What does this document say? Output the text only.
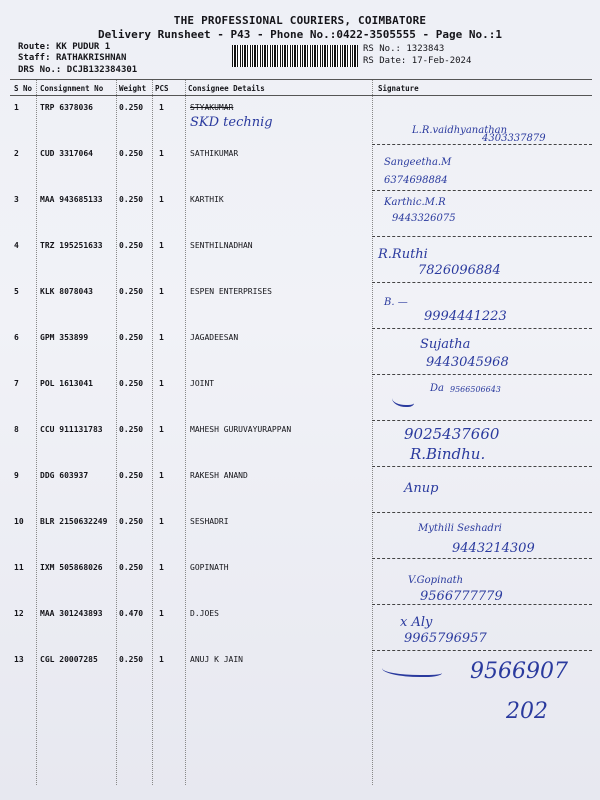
THE PROFESSIONAL COURIERS, COIMBATORE
Delivery Runsheet - P43 - Phone No.:0422-3505555 - Page No.:1
Route: KK PUDUR 1
Staff: RATHAKRISHNAN
DRS No.: DCJB132384301
RS No.: 1323843
RS Date: 17-Feb-2024
S No Consignment No Weight PCS	Consignee Details	Signature
1	TRP 6378036	0.250 1	STYAKUMAR
SKD technig
L.R.vaidhyanathan
4303337879
2	CUD 3317064	0.250 1	SATHIKUMAR
Sangeetha.M
6374698884
3	MAA 943685133 0.250 1	KARTHIK	Karthic.M.R
9443326075
4	TRZ 195251633 0.250 1	SENTHILNADHAN
R.Ruthi
7826096884
5	KLK 8078043	0.250 1	ESPEN ENTERPRISES
B. —
9994441223
6	GPM 353899	0.250 1	JAGADEESAN	Sujatha
9443045968
7	POL 1613041	0.250 1	JOINT	Da 9566506643
8	CCU 911131783 0.250 1	MAHESH GURUVAYURAPPAN	9025437660
R.Bindhu.
9	DDG 603937	0.250 1	RAKESH ANAND
Anup
10 BLR 2150632249 0.250 1	SESHADRI
Mythili Seshadri
9443214309
11 IXM 505868026 0.250 1	GOPINATH
V.Gopinath
9566777779
12 MAA 301243893 0.470 1	D.JOES
x Aly
9965796957
13 CGL 20007285	0.250 1	ANUJ K JAIN	9566907
202
